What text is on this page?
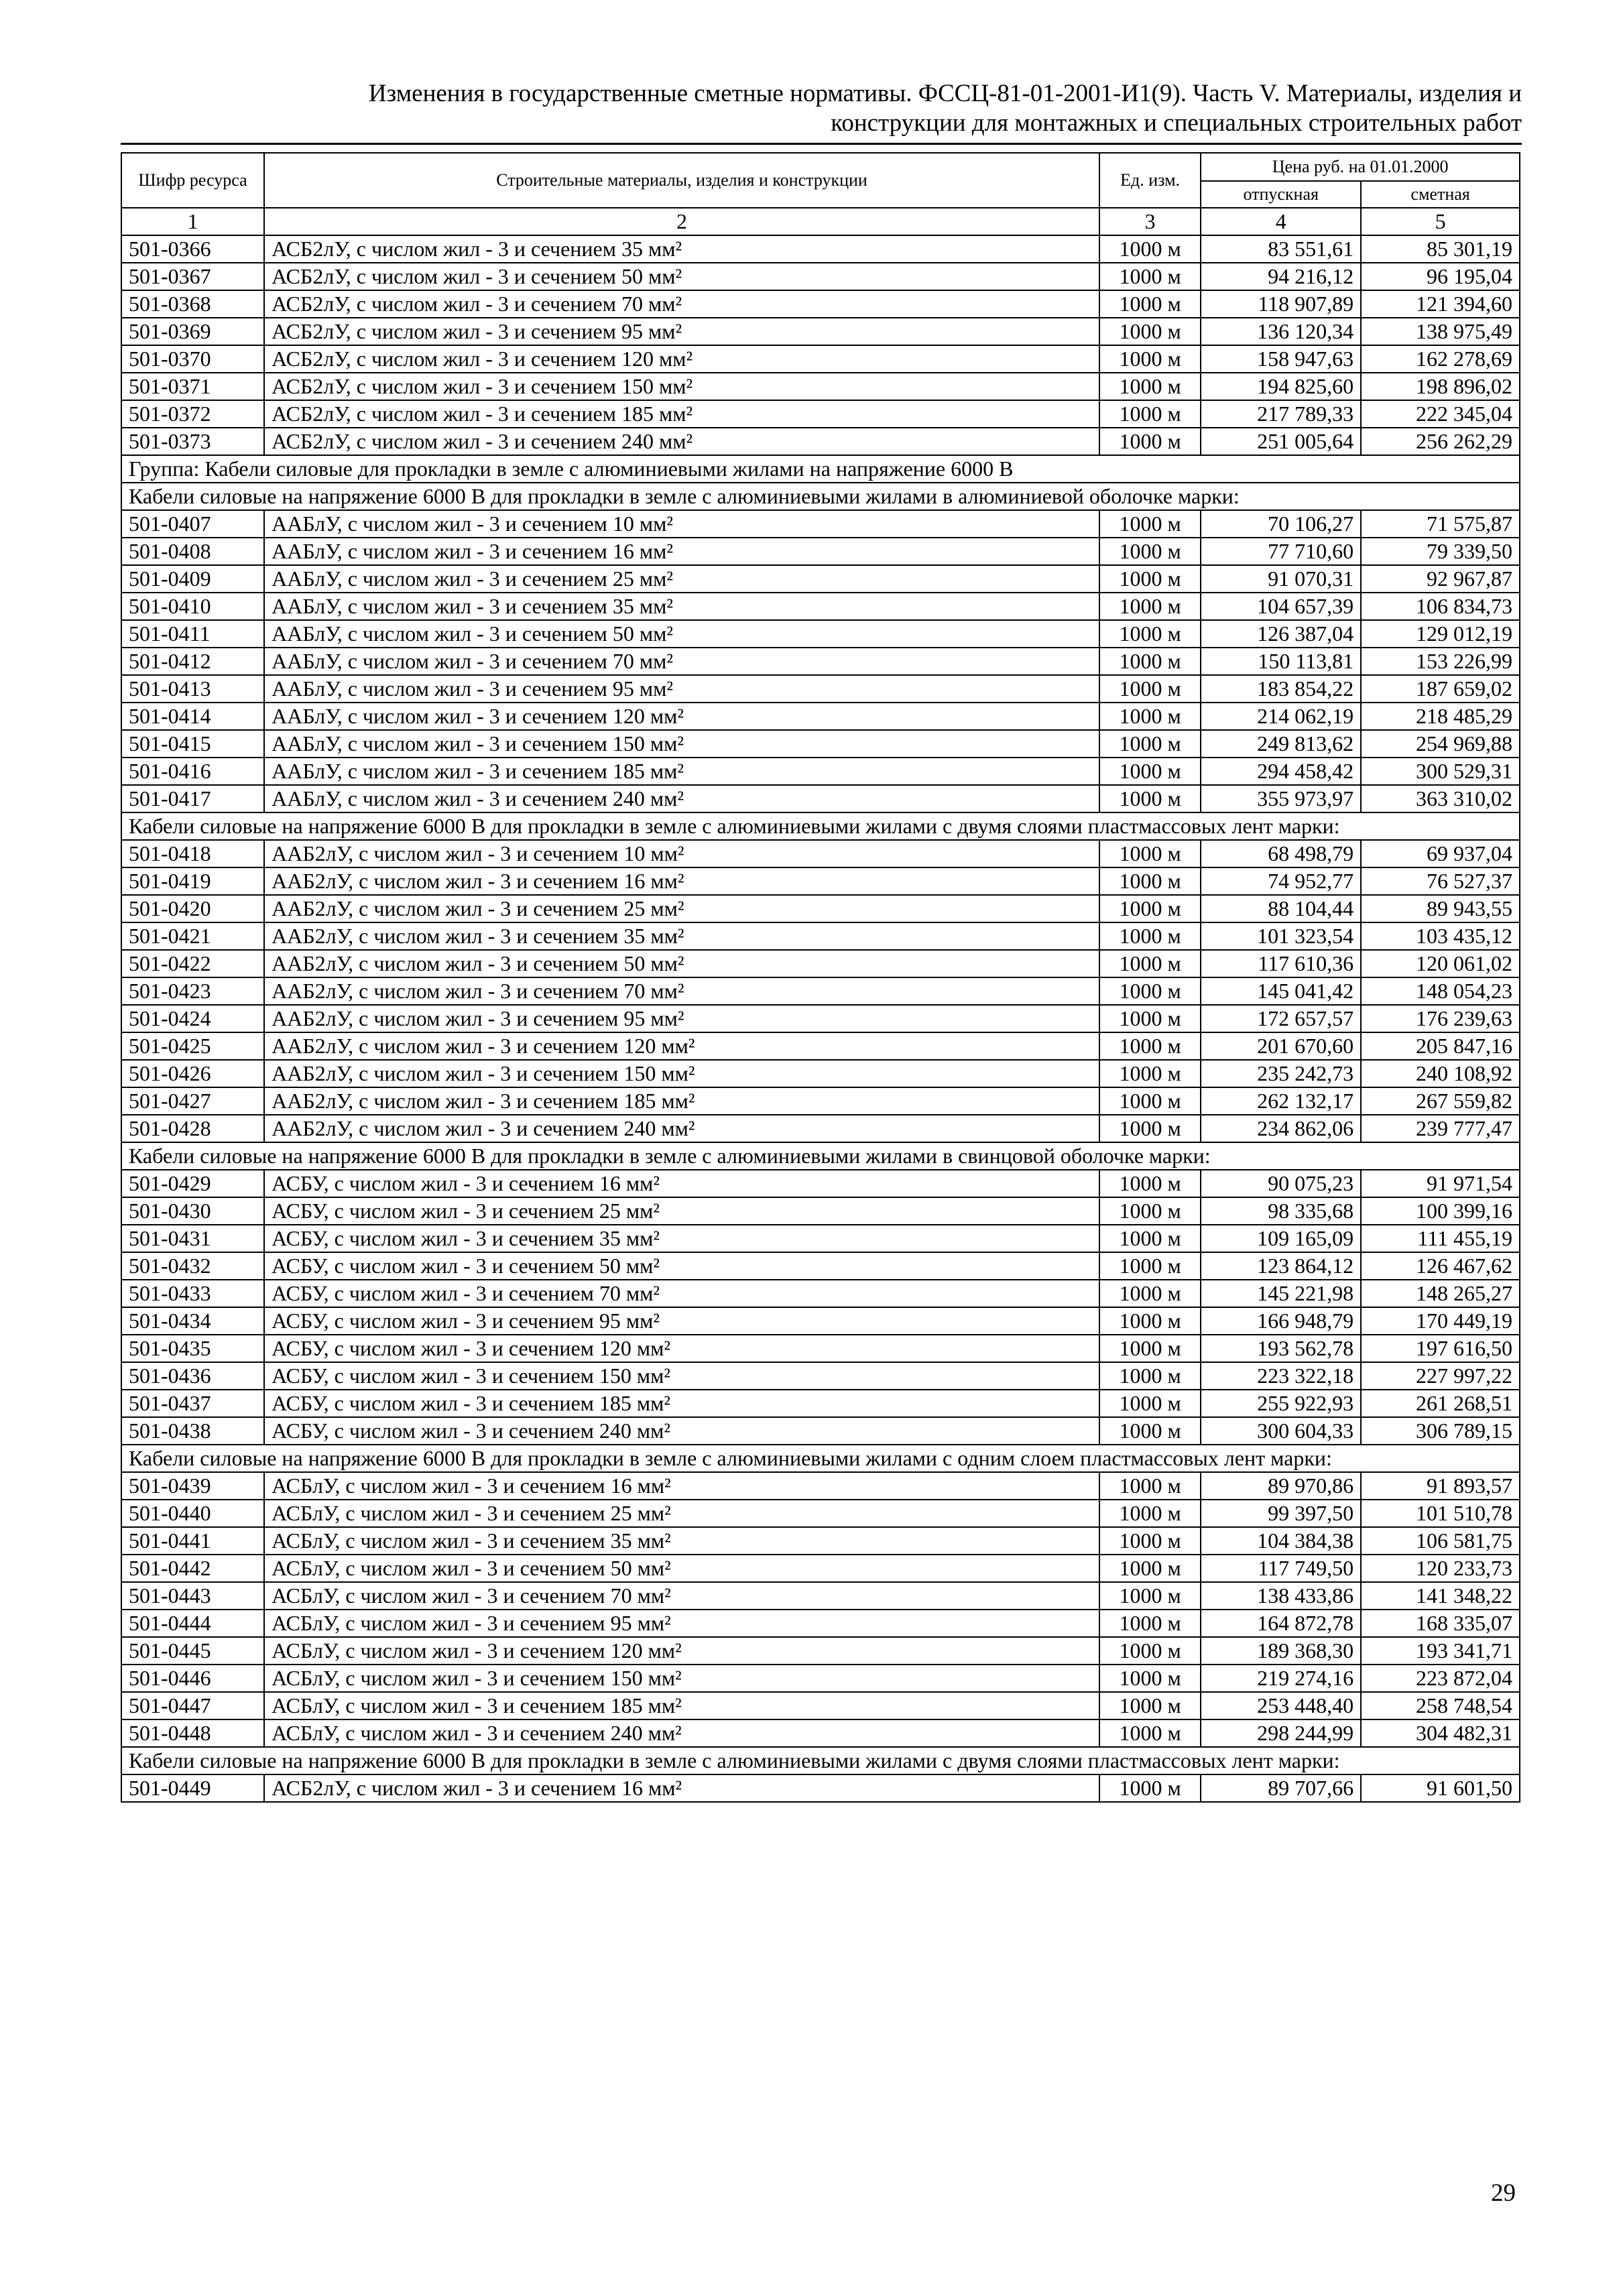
Изменения в государственные сметные нормативы. ФССЦ-81-01-2001-И1(9). Часть V. Материалы, изделия и
конструкции для монтажных и специальных строительных работ
Шифр ресурса	Строительные материалы, изделия и конструкции	Ед. изм.	Цена руб. на 01.01.2000	
			отпускная	сметная
1	2	3	4	5
501-0366	АСБ2лУ, с числом жил - 3 и сечением 35 мм²	1000 м	83 551,61	85 301,19
501-0367	АСБ2лУ, с числом жил - 3 и сечением 50 мм²	1000 м	94 216,12	96 195,04
501-0368	АСБ2лУ, с числом жил - 3 и сечением 70 мм²	1000 м	118 907,89	121 394,60
501-0369	АСБ2лУ, с числом жил - 3 и сечением 95 мм²	1000 м	136 120,34	138 975,49
501-0370	АСБ2лУ, с числом жил - 3 и сечением 120 мм²	1000 м	158 947,63	162 278,69
501-0371	АСБ2лУ, с числом жил - 3 и сечением 150 мм²	1000 м	194 825,60	198 896,02
501-0372	АСБ2лУ, с числом жил - 3 и сечением 185 мм²	1000 м	217 789,33	222 345,04
501-0373	АСБ2лУ, с числом жил - 3 и сечением 240 мм²	1000 м	251 005,64	256 262,29
Группа: Кабели силовые для прокладки в земле с алюминиевыми жилами на напряжение 6000 В				
Кабели силовые на напряжение 6000 В для прокладки в земле с алюминиевыми жилами в алюминиевой оболочке марки:				
501-0407	ААБлУ, с числом жил - 3 и сечением 10 мм²	1000 м	70 106,27	71 575,87
501-0408	ААБлУ, с числом жил - 3 и сечением 16 мм²	1000 м	77 710,60	79 339,50
501-0409	ААБлУ, с числом жил - 3 и сечением 25 мм²	1000 м	91 070,31	92 967,87
501-0410	ААБлУ, с числом жил - 3 и сечением 35 мм²	1000 м	104 657,39	106 834,73
501-0411	ААБлУ, с числом жил - 3 и сечением 50 мм²	1000 м	126 387,04	129 012,19
501-0412	ААБлУ, с числом жил - 3 и сечением 70 мм²	1000 м	150 113,81	153 226,99
501-0413	ААБлУ, с числом жил - 3 и сечением 95 мм²	1000 м	183 854,22	187 659,02
501-0414	ААБлУ, с числом жил - 3 и сечением 120 мм²	1000 м	214 062,19	218 485,29
501-0415	ААБлУ, с числом жил - 3 и сечением 150 мм²	1000 м	249 813,62	254 969,88
501-0416	ААБлУ, с числом жил - 3 и сечением 185 мм²	1000 м	294 458,42	300 529,31
501-0417	ААБлУ, с числом жил - 3 и сечением 240 мм²	1000 м	355 973,97	363 310,02
Кабели силовые на напряжение 6000 В для прокладки в земле с алюминиевыми жилами с двумя слоями пластмассовых лент марки:				
501-0418	ААБ2лУ, с числом жил - 3 и сечением 10 мм²	1000 м	68 498,79	69 937,04
501-0419	ААБ2лУ, с числом жил - 3 и сечением 16 мм²	1000 м	74 952,77	76 527,37
501-0420	ААБ2лУ, с числом жил - 3 и сечением 25 мм²	1000 м	88 104,44	89 943,55
501-0421	ААБ2лУ, с числом жил - 3 и сечением 35 мм²	1000 м	101 323,54	103 435,12
501-0422	ААБ2лУ, с числом жил - 3 и сечением 50 мм²	1000 м	117 610,36	120 061,02
501-0423	ААБ2лУ, с числом жил - 3 и сечением 70 мм²	1000 м	145 041,42	148 054,23
501-0424	ААБ2лУ, с числом жил - 3 и сечением 95 мм²	1000 м	172 657,57	176 239,63
501-0425	ААБ2лУ, с числом жил - 3 и сечением 120 мм²	1000 м	201 670,60	205 847,16
501-0426	ААБ2лУ, с числом жил - 3 и сечением 150 мм²	1000 м	235 242,73	240 108,92
501-0427	ААБ2лУ, с числом жил - 3 и сечением 185 мм²	1000 м	262 132,17	267 559,82
501-0428	ААБ2лУ, с числом жил - 3 и сечением 240 мм²	1000 м	234 862,06	239 777,47
Кабели силовые на напряжение 6000 В для прокладки в земле с алюминиевыми жилами в свинцовой оболочке марки:				
501-0429	АСБУ, с числом жил - 3 и сечением 16 мм²	1000 м	90 075,23	91 971,54
501-0430	АСБУ, с числом жил - 3 и сечением 25 мм²	1000 м	98 335,68	100 399,16
501-0431	АСБУ, с числом жил - 3 и сечением 35 мм²	1000 м	109 165,09	111 455,19
501-0432	АСБУ, с числом жил - 3 и сечением 50 мм²	1000 м	123 864,12	126 467,62
501-0433	АСБУ, с числом жил - 3 и сечением 70 мм²	1000 м	145 221,98	148 265,27
501-0434	АСБУ, с числом жил - 3 и сечением 95 мм²	1000 м	166 948,79	170 449,19
501-0435	АСБУ, с числом жил - 3 и сечением 120 мм²	1000 м	193 562,78	197 616,50
501-0436	АСБУ, с числом жил - 3 и сечением 150 мм²	1000 м	223 322,18	227 997,22
501-0437	АСБУ, с числом жил - 3 и сечением 185 мм²	1000 м	255 922,93	261 268,51
501-0438	АСБУ, с числом жил - 3 и сечением 240 мм²	1000 м	300 604,33	306 789,15
Кабели силовые на напряжение 6000 В для прокладки в земле с алюминиевыми жилами с одним слоем пластмассовых лент марки:				
501-0439	АСБлУ, с числом жил - 3 и сечением 16 мм²	1000 м	89 970,86	91 893,57
501-0440	АСБлУ, с числом жил - 3 и сечением 25 мм²	1000 м	99 397,50	101 510,78
501-0441	АСБлУ, с числом жил - 3 и сечением 35 мм²	1000 м	104 384,38	106 581,75
501-0442	АСБлУ, с числом жил - 3 и сечением 50 мм²	1000 м	117 749,50	120 233,73
501-0443	АСБлУ, с числом жил - 3 и сечением 70 мм²	1000 м	138 433,86	141 348,22
501-0444	АСБлУ, с числом жил - 3 и сечением 95 мм²	1000 м	164 872,78	168 335,07
501-0445	АСБлУ, с числом жил - 3 и сечением 120 мм²	1000 м	189 368,30	193 341,71
501-0446	АСБлУ, с числом жил - 3 и сечением 150 мм²	1000 м	219 274,16	223 872,04
501-0447	АСБлУ, с числом жил - 3 и сечением 185 мм²	1000 м	253 448,40	258 748,54
501-0448	АСБлУ, с числом жил - 3 и сечением 240 мм²	1000 м	298 244,99	304 482,31
Кабели силовые на напряжение 6000 В для прокладки в земле с алюминиевыми жилами с двумя слоями пластмассовых лент марки:				
501-0449	АСБ2лУ, с числом жил - 3 и сечением 16 мм²	1000 м	89 707,66	91 601,50
29
